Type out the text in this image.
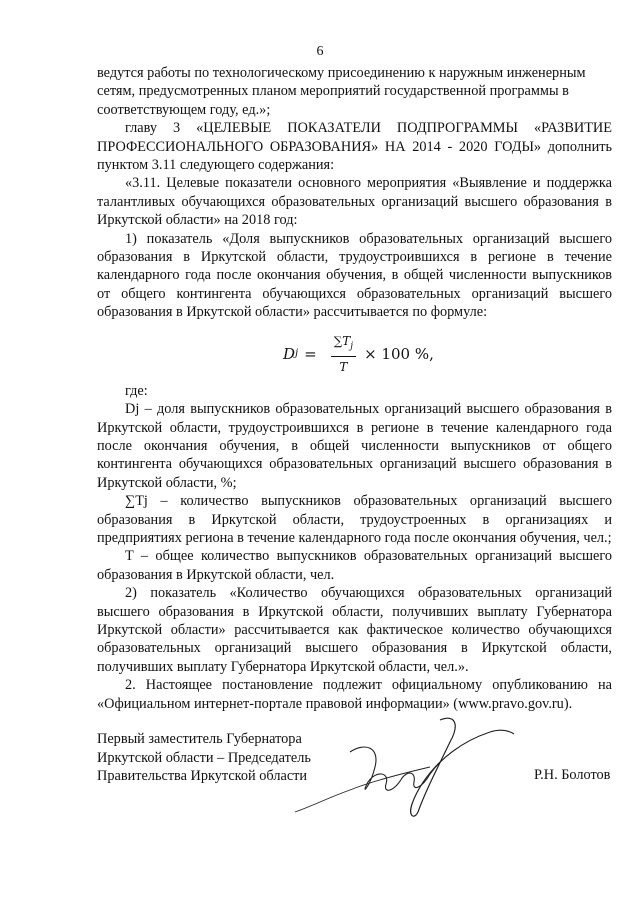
6

ведутся работы по технологическому присоединению к наружным инженерным сетям, предусмотренных планом мероприятий государственной программы в соответствующем году, ед.»;

главу 3 «ЦЕЛЕВЫЕ ПОКАЗАТЕЛИ ПОДПРОГРАММЫ «РАЗВИТИЕ ПРОФЕССИОНАЛЬНОГО ОБРАЗОВАНИЯ» НА 2014 - 2020 ГОДЫ» дополнить пунктом 3.11 следующего содержания:

«3.11. Целевые показатели основного мероприятия «Выявление и поддержка талантливых обучающихся образовательных организаций высшего образования в Иркутской области» на 2018 год:

1) показатель «Доля выпускников образовательных организаций высшего образования в Иркутской области, трудоустроившихся в регионе в течение календарного года после окончания обучения, в общей численности выпускников от общего контингента обучающихся образовательных организаций высшего образования в Иркутской области» рассчитывается по формуле:

D $j = \frac{\sum T_j}{T} \times 100$ %,

где:

Dj – доля выпускников образовательных организаций высшего образования в Иркутской области, трудоустроившихся в регионе в течение календарного года после окончания обучения, в общей численности выпускников от общего контингента обучающихся образовательных организаций высшего образования в Иркутской области, %;

∑Tj – количество выпускников образовательных организаций высшего образования в Иркутской области, трудоустроенных в организациях и предприятиях региона в течение календарного года после окончания обучения, чел.;

T – общее количество выпускников образовательных организаций высшего образования в Иркутской области, чел.

2) показатель «Количество обучающихся образовательных организаций высшего образования в Иркутской области, получивших выплату Губернатора Иркутской области» рассчитывается как фактическое количество обучающихся образовательных организаций высшего образования в Иркутской области, получивших выплату Губернатора Иркутской области, чел.».

2. Настоящее постановление подлежит официальному опубликованию на «Официальном интернет-портале правовой информации» (www.pravo.gov.ru).

Первый заместитель Губернатора
Иркутской области – Председатель
Правительства Иркутской области	Р.Н. Болотов
